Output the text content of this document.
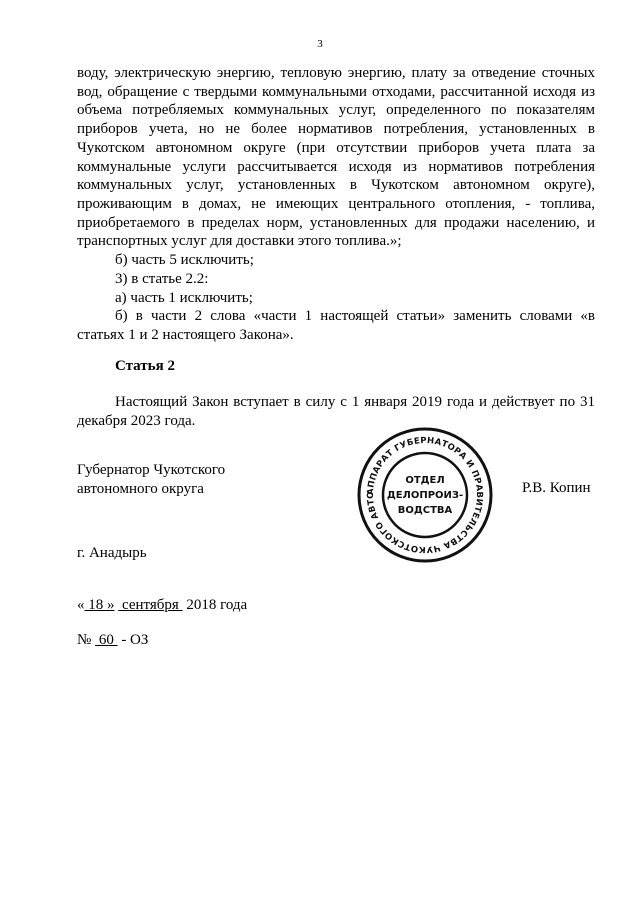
3

воду, электрическую энергию, тепловую энергию, плату за отведение сточных вод, обращение с твердыми коммунальными отходами, рассчитанной исходя из объема потребляемых коммунальных услуг, определенного по показателям приборов учета, но не более нормативов потребления, установленных в Чукотском автономном округе (при отсутствии приборов учета плата за коммунальные услуги рассчитывается исходя из нормативов потребления коммунальных услуг, установленных в Чукотском автономном округе), проживающим в домах, не имеющих центрального отопления, - топлива, приобретаемого в пределах норм, установленных для продажи населению, и транспортных услуг для доставки этого топлива.»;

б) часть 5 исключить;

3) в статье 2.2:

а) часть 1 исключить;

б) в части 2 слова «части 1 настоящей статьи» заменить словами «в статьях 1 и 2 настоящего Закона».

Статья 2

Настоящий Закон вступает в силу с 1 января 2019 года и действует по 31 декабря 2023 года.

Губернатор Чукотского
автономного округа	АППАРАТ ГУБЕРНАТОРА И ПРАВИТЕЛЬСТВА ЧУКОТСКОГО АВТО
ОТДЕЛ
ДЕЛОПРОИЗ-
ВОДСТВА
Р.В. Копин
г. Анадырь
« 18 »  сентября  2018 года
№  60  - ОЗ
